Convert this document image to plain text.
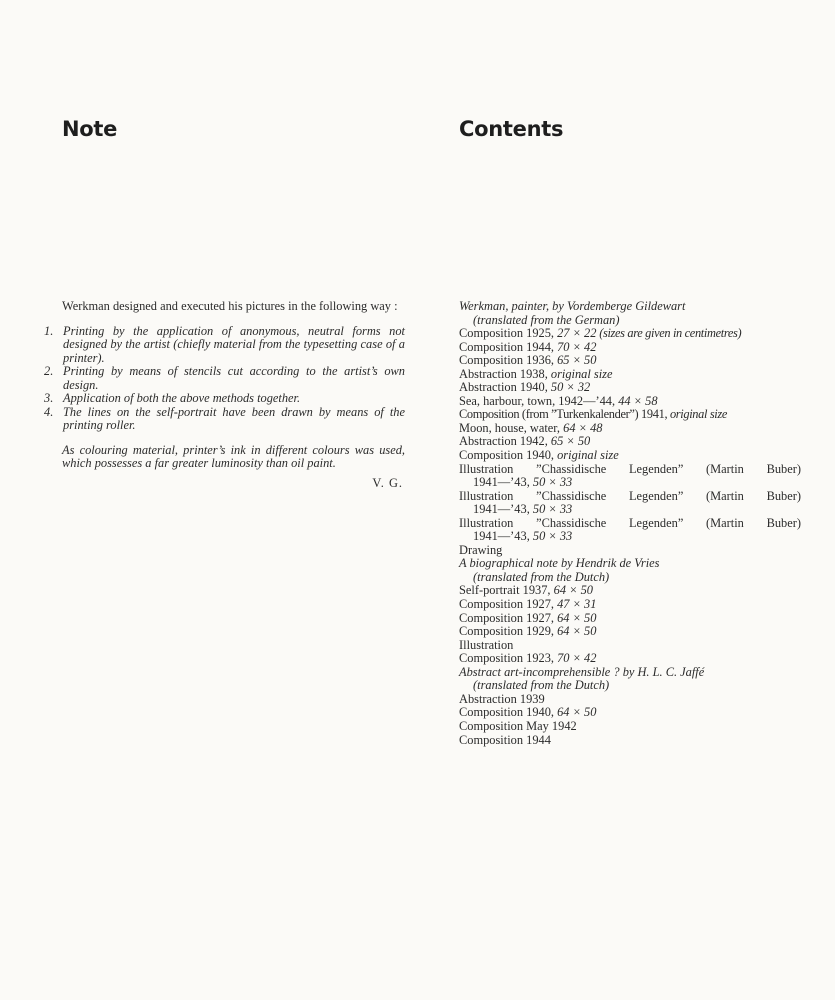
Note	Contents

Werkman designed and executed his pictures in the following way :

1. Printing by the application of anonymous, neutral forms not designed by the artist (chiefly material from the typesetting case of a printer).
2. Printing by means of stencils cut according to the artist’s own design.
3. Application of both the above methods together.
4. The lines on the self-portrait have been drawn by means of the printing roller.

As colouring material, printer’s ink in different colours was used, which possesses a far greater luminosity than oil paint.

V. G.

Werkman, painter, by Vordemberge Gildewart
(translated from the German)
Composition 1925, 27 × 22 (sizes are given in centimetres)
Composition 1944, 70 × 42
Composition 1936, 65 × 50
Abstraction 1938, original size
Abstraction 1940, 50 × 32
Sea, harbour, town, 1942—’44, 44 × 58
Composition (from ”Turkenkalender”) 1941, original size
Moon, house, water, 64 × 48
Abstraction 1942, 65 × 50
Composition 1940, original size
Illustration ”Chassidische Legenden” (Martin Buber)
1941—’43, 50 × 33
Illustration ”Chassidische Legenden” (Martin Buber)
1941—’43, 50 × 33
Illustration ”Chassidische Legenden” (Martin Buber)
1941—’43, 50 × 33
Drawing
A biographical note by Hendrik de Vries
(translated from the Dutch)
Self-portrait 1937, 64 × 50
Composition 1927, 47 × 31
Composition 1927, 64 × 50
Composition 1929, 64 × 50
Illustration
Composition 1923, 70 × 42
Abstract art-incomprehensible ? by H. L. C. Jaffé
(translated from the Dutch)
Abstraction 1939
Composition 1940, 64 × 50
Composition May 1942
Composition 1944
